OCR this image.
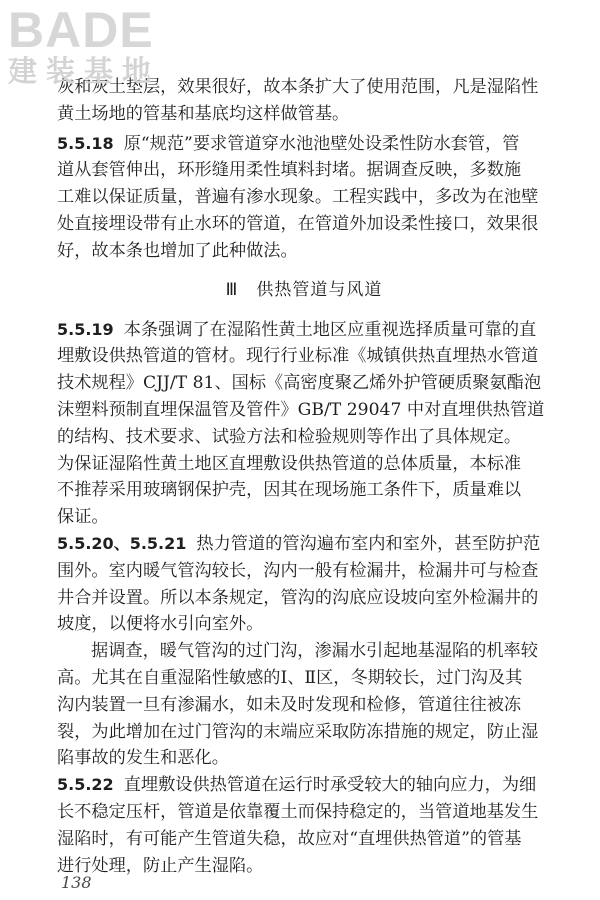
BADE
建装基地
灰和灰土垫层，效果很好，故本条扩大了使用范围，凡是湿陷性
黄土场地的管基和基底均这样做管基。
5.5.18 原“规范”要求管道穿水池池壁处设柔性防水套管，管
道从套管伸出，环形缝用柔性填料封堵。据调查反映，多数施
工难以保证质量，普遍有渗水现象。工程实践中，多改为在池壁
处直接埋设带有止水环的管道，在管道外加设柔性接口，效果很
好，故本条也增加了此种做法。
Ⅲ 供热管道与风道
5.5.19 本条强调了在湿陷性黄土地区应重视选择质量可靠的直
埋敷设供热管道的管材。现行行业标准《城镇供热直埋热水管道
技术规程》CJJ/T 81、国标《高密度聚乙烯外护管硬质聚氨酯泡
沫塑料预制直埋保温管及管件》GB/T 29047 中对直埋供热管道
的结构、技术要求、试验方法和检验规则等作出了具体规定。
为保证湿陷性黄土地区直埋敷设供热管道的总体质量，本标准
不推荐采用玻璃钢保护壳，因其在现场施工条件下，质量难以
保证。
5.5.20、5.5.21 热力管道的管沟遍布室内和室外，甚至防护范
围外。室内暖气管沟较长，沟内一般有检漏井，检漏井可与检查
井合并设置。所以本条规定，管沟的沟底应设坡向室外检漏井的
坡度，以便将水引向室外。
据调查，暖气管沟的过门沟，渗漏水引起地基湿陷的机率较
高。尤其在自重湿陷性敏感的Ⅰ、Ⅱ区，冬期较长，过门沟及其
沟内装置一旦有渗漏水，如未及时发现和检修，管道往往被冻
裂，为此增加在过门管沟的末端应采取防冻措施的规定，防止湿
陷事故的发生和恶化。
5.5.22 直埋敷设供热管道在运行时承受较大的轴向应力，为细
长不稳定压杆，管道是依靠覆土而保持稳定的，当管道地基发生
湿陷时，有可能产生管道失稳，故应对“直埋供热管道”的管基
进行处理，防止产生湿陷。
138
